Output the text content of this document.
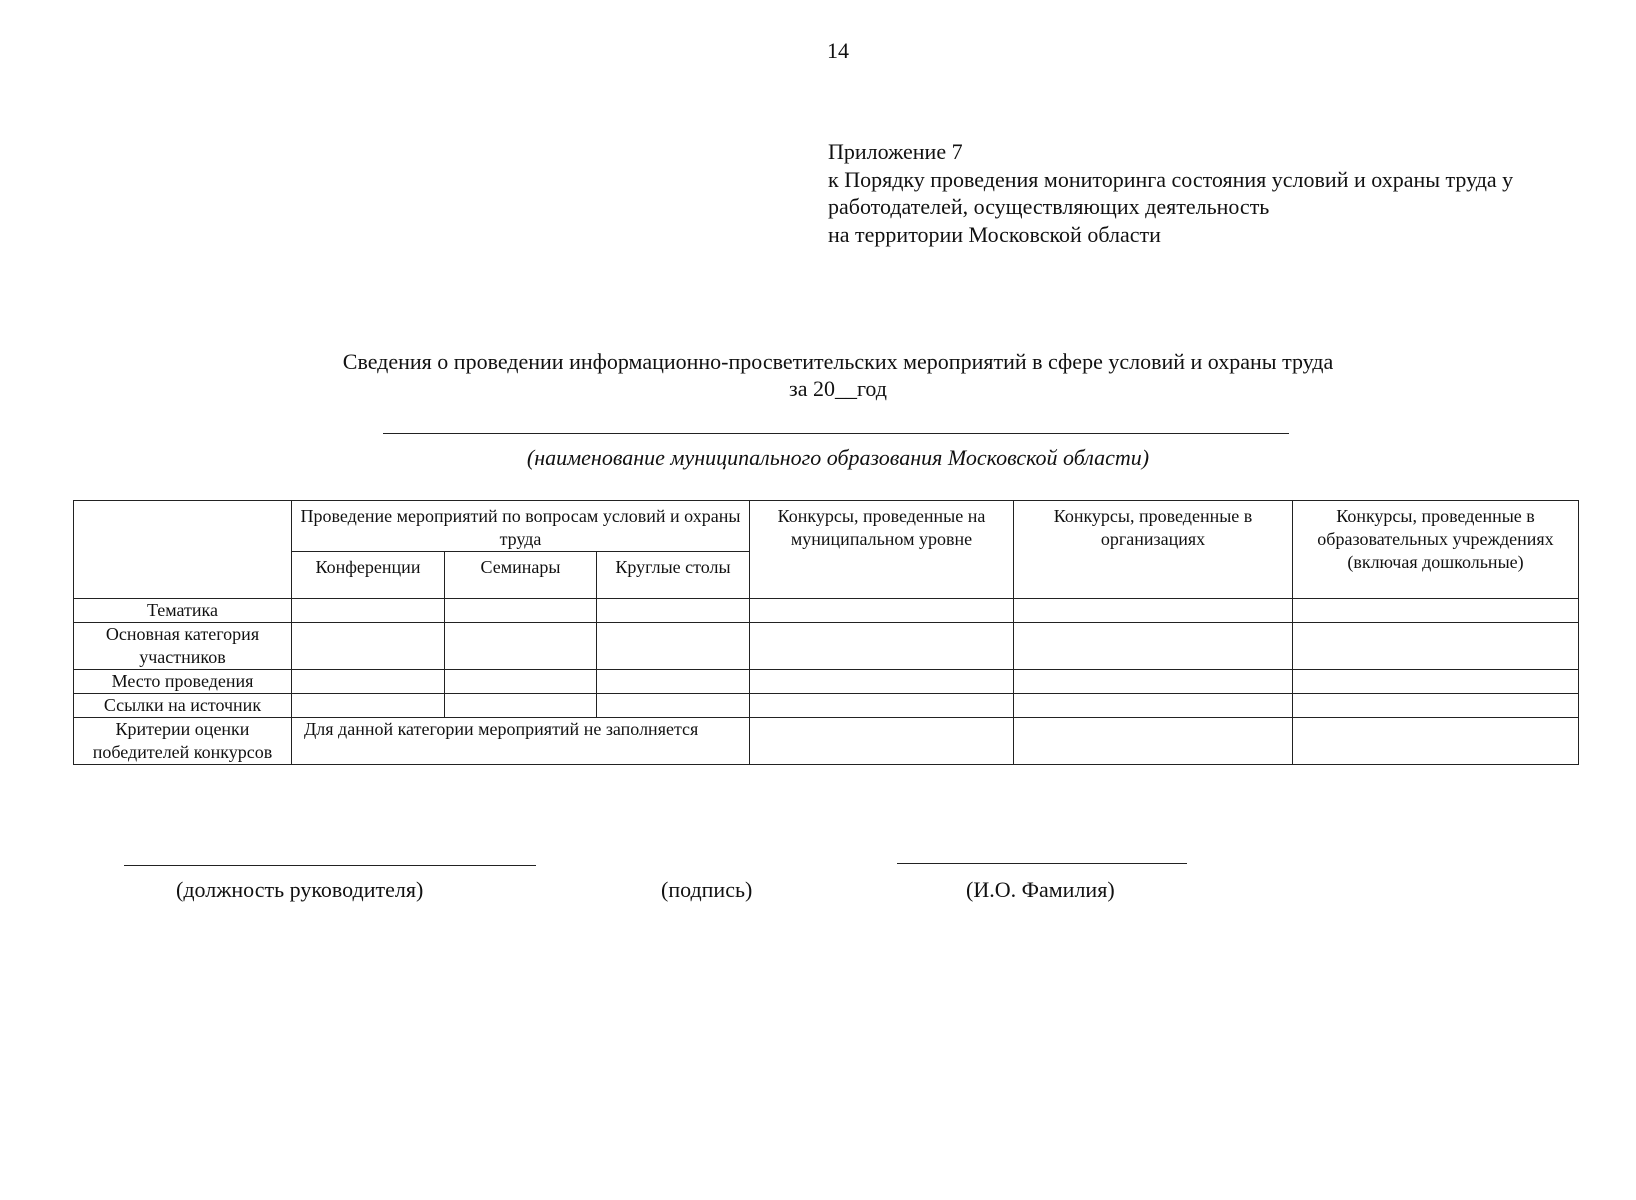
14
Приложение 7
к Порядку проведения мониторинга состояния условий и охраны труда у
работодателей, осуществляющих деятельность
на территории Московской области
Сведения о проведении информационно-просветительских мероприятий в сфере условий и охраны труда
за 20__год
(наименование муниципального образования Московской области)
	Проведение мероприятий по вопросам условий и охраны труда			Конкурсы, проведенные на муниципальном уровне	Конкурсы, проведенные в организациях	Конкурсы, проведенные в образовательных учреждениях (включая дошкольные)
	Конференции	Семинары	Круглые столы			
Тематика						
Основная категория участников						
Место проведения						
Ссылки на источник						
Критерии оценки победителей конкурсов	Для данной категории мероприятий не заполняется					
(должность руководителя)	(подпись)	(И.О. Фамилия)
